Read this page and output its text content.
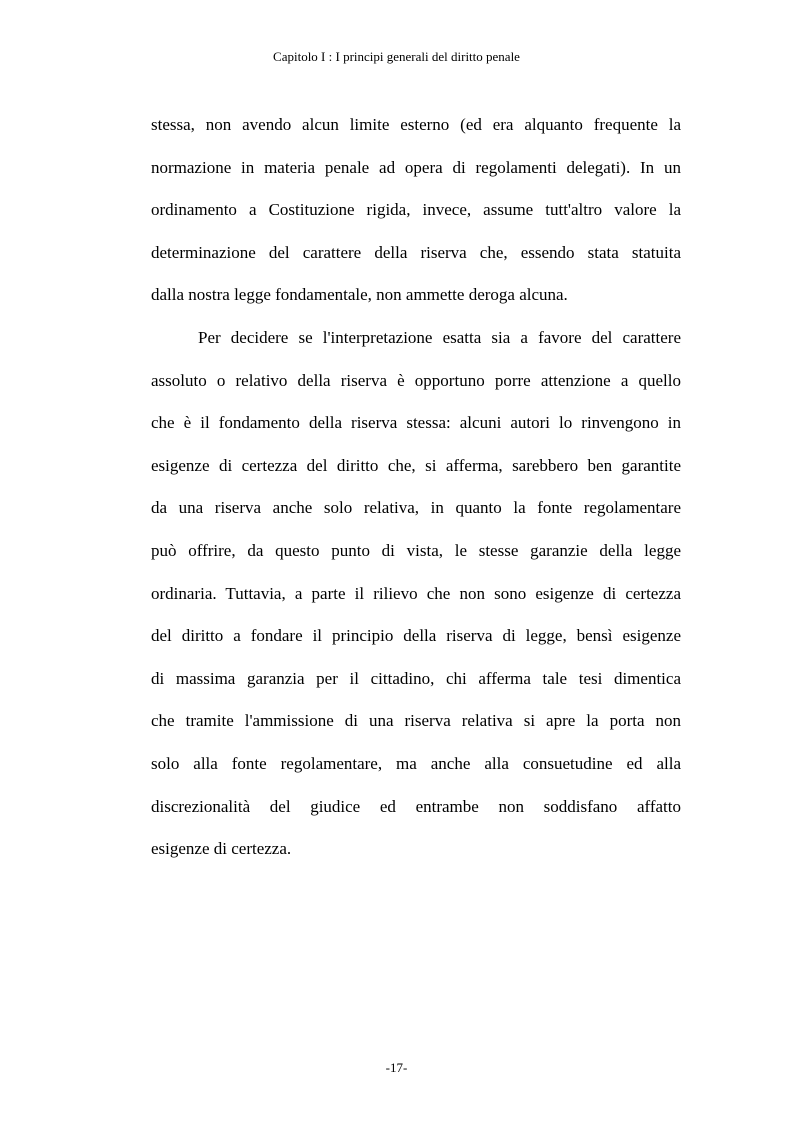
Capitolo I : I principi generali del diritto penale
stessa, non avendo alcun limite esterno (ed era alquanto frequente la
normazione in materia penale ad opera di regolamenti delegati). In un
ordinamento a Costituzione rigida, invece, assume tutt'altro valore la
determinazione del carattere della riserva che, essendo stata statuita
dalla nostra legge fondamentale, non ammette deroga alcuna.
Per decidere se l'interpretazione esatta sia a favore del carattere
assoluto o relativo della riserva è opportuno porre attenzione a quello
che è il fondamento della riserva stessa: alcuni autori lo rinvengono in
esigenze di certezza del diritto che, si afferma, sarebbero ben garantite
da una riserva anche solo relativa, in quanto la fonte regolamentare
può offrire, da questo punto di vista, le stesse garanzie della legge
ordinaria. Tuttavia, a parte il rilievo che non sono esigenze di certezza
del diritto a fondare il principio della riserva di legge, bensì esigenze
di massima garanzia per il cittadino, chi afferma tale tesi dimentica
che tramite l'ammissione di una riserva relativa si apre la porta non
solo alla fonte regolamentare, ma anche alla consuetudine ed alla
discrezionalità del giudice ed entrambe non soddisfano affatto
esigenze di certezza.
-17-
